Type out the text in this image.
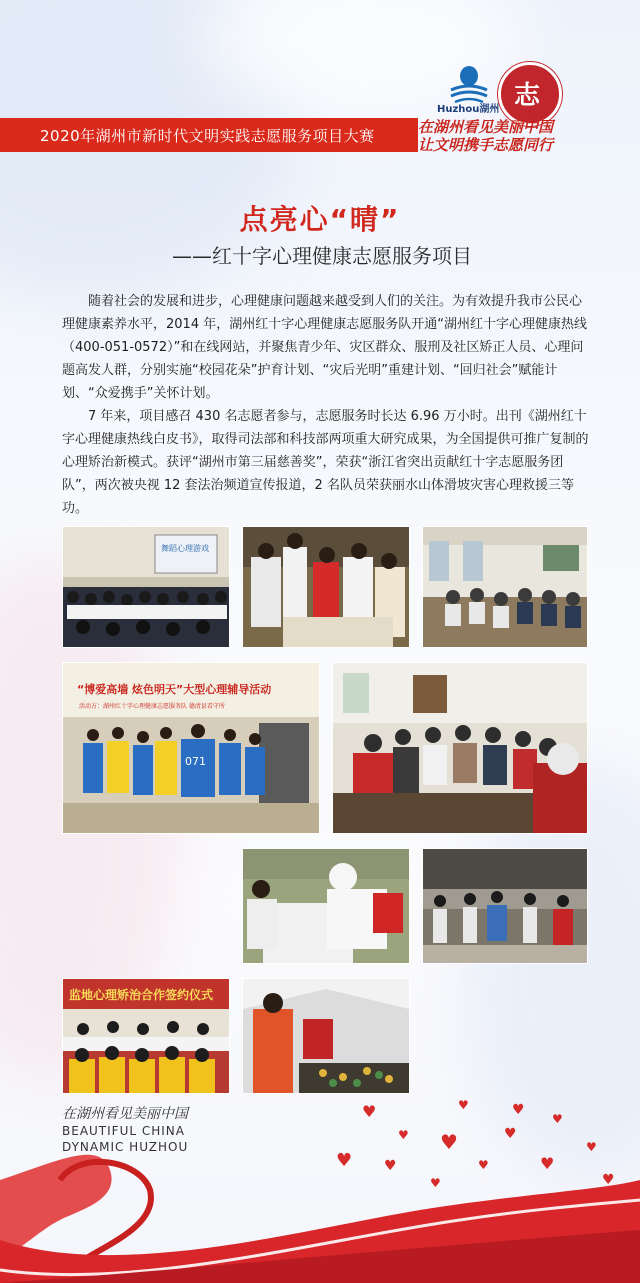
Huzhou湖州 志
2020年湖州市新时代文明实践志愿服务项目大赛	在湖州看见美丽中国
让文明携手志愿同行
点亮心“晴”
——红十字心理健康志愿服务项目

随着社会的发展和进步，心理健康问题越来越受到人们的关注。为有效提升我市公民心理健康素养水平，2014 年，湖州红十字心理健康志愿服务队开通“湖州红十字心理健康热线（400-051-0572）”和在线网站，并聚焦青少年、灾区群众、服刑及社区矫正人员、心理问题高发人群，分别实施“校园花朵”护育计划、“灾后光明”重建计划、“回归社会”赋能计划、“众爱携手”关怀计划。

7 年来，项目感召 430 名志愿者参与，志愿服务时长达 6.96 万小时。出刊《湖州红十字心理健康热线白皮书》，取得司法部和科技部两项重大研究成果，为全国提供可推广复制的心理矫治新模式。获评“湖州市第三届慈善奖”，荣获“浙江省突出贡献红十字志愿服务团队”，两次被央视 12 套法治频道宣传报道，2 名队员荣获丽水山体滑坡灾害心理救援三等功。

舞蹈心理游戏
“博爱高墙 炫色明天”大型心理辅导活动
活动方：湖州红十字心理健康志愿服务队 德清县看守所
071
监地心理矫治合作签约仪式
在湖州看见美丽中国
BEAUTIFUL CHINA
DYNAMIC HUZHOU
♥	♥	♥
♥ ♥	♥
♥
♥ ♥	♥	♥
♥
♥	♥
